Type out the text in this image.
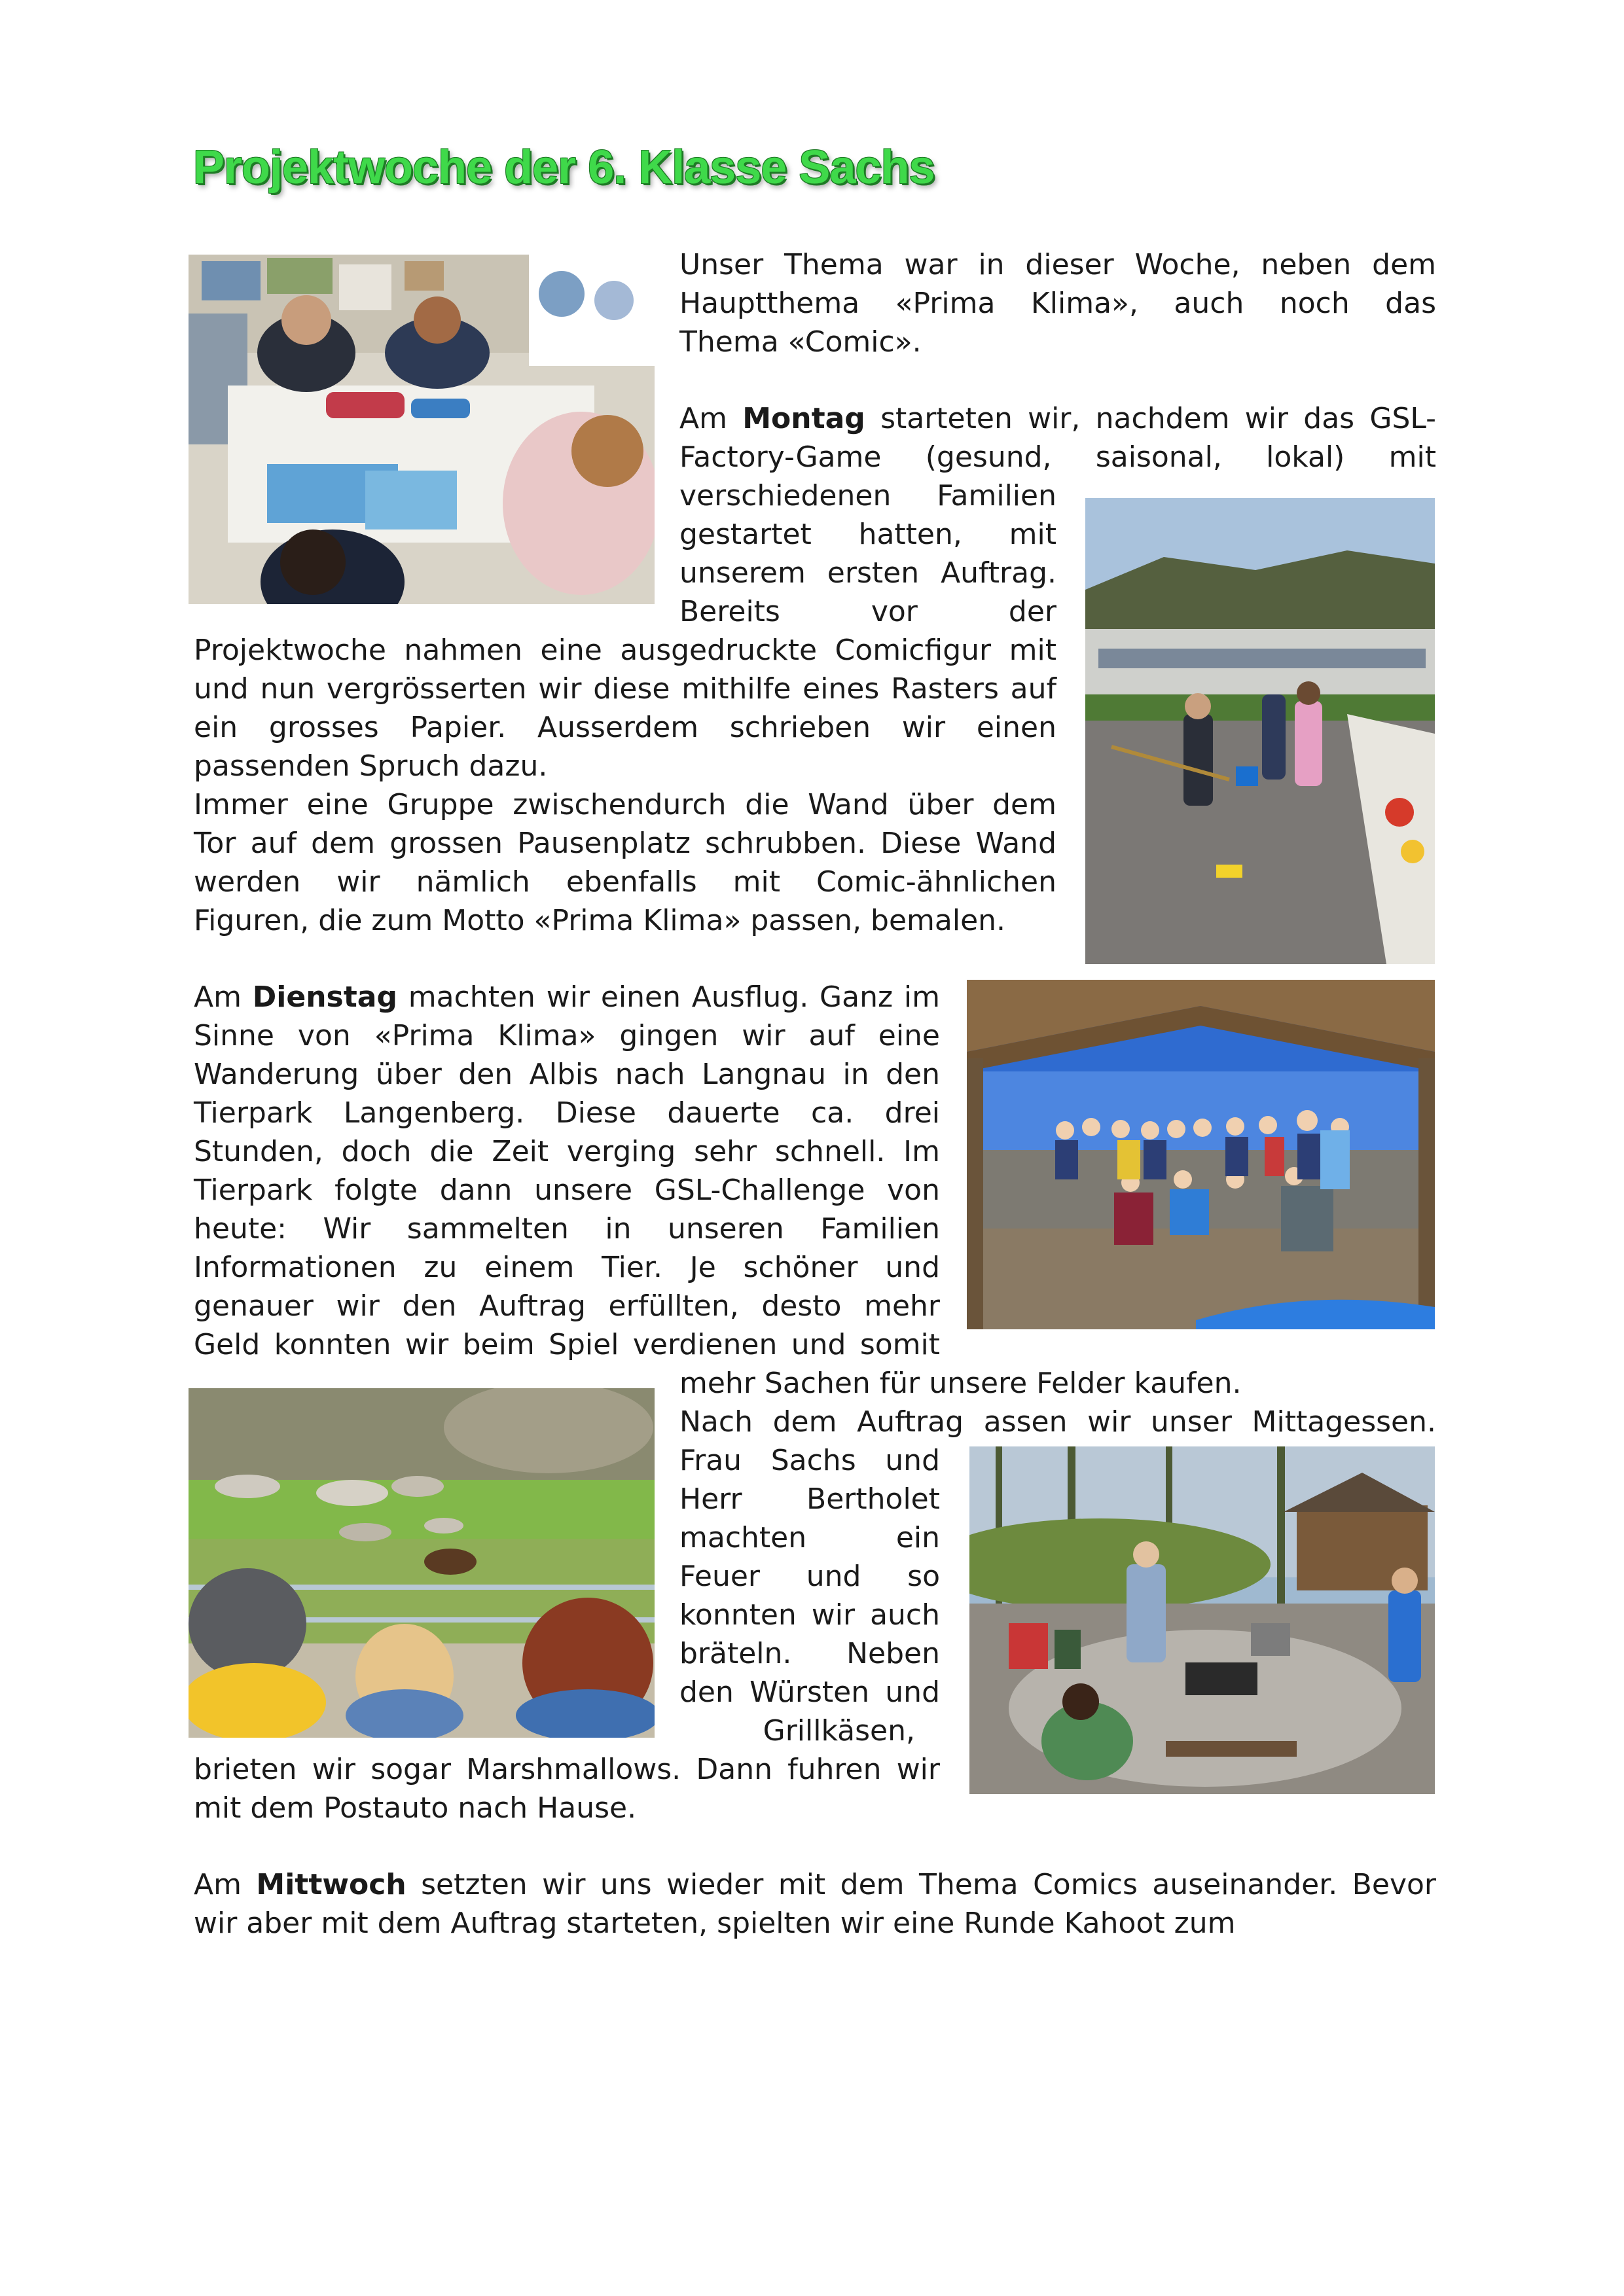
Projektwoche der 6. Klasse Sachs

Unser Thema war in dieser Woche, neben dem

Hauptthema «Prima Klima», auch noch das

Thema «Comic».

Am Montag starteten wir, nachdem wir das GSL-

Factory-Game (gesund, saisonal, lokal) mit

verschiedenen Familien

gestartet hatten, mit

unserem ersten Auftrag.

Bereits vor der

Projektwoche nahmen eine ausgedruckte Comicfigur mit

und nun vergrösserten wir diese mithilfe eines Rasters auf

ein grosses Papier. Ausserdem schrieben wir einen

passenden Spruch dazu.

Immer eine Gruppe zwischendurch die Wand über dem

Tor auf dem grossen Pausenplatz schrubben. Diese Wand

werden wir nämlich ebenfalls mit Comic-ähnlichen

Figuren, die zum Motto «Prima Klima» passen, bemalen.

Am Dienstag machten wir einen Ausflug. Ganz im

Sinne von «Prima Klima» gingen wir auf eine

Wanderung über den Albis nach Langnau in den

Tierpark Langenberg. Diese dauerte ca. drei

Stunden, doch die Zeit verging sehr schnell. Im

Tierpark folgte dann unsere GSL-Challenge von

heute: Wir sammelten in unseren Familien

Informationen zu einem Tier. Je schöner und

genauer wir den Auftrag erfüllten, desto mehr

Geld konnten wir beim Spiel verdienen und somit

mehr Sachen für unsere Felder kaufen.

Nach dem Auftrag assen wir unser Mittagessen.

Frau Sachs und

Herr Bertholet

machten ein

Feuer und so

konnten wir auch

bräteln. Neben

den Würsten und

Grillkäsen,

brieten wir sogar Marshmallows. Dann fuhren wir

mit dem Postauto nach Hause.

Am Mittwoch setzten wir uns wieder mit dem Thema Comics auseinander. Bevor

wir aber mit dem Auftrag starteten, spielten wir eine Runde Kahoot zum
